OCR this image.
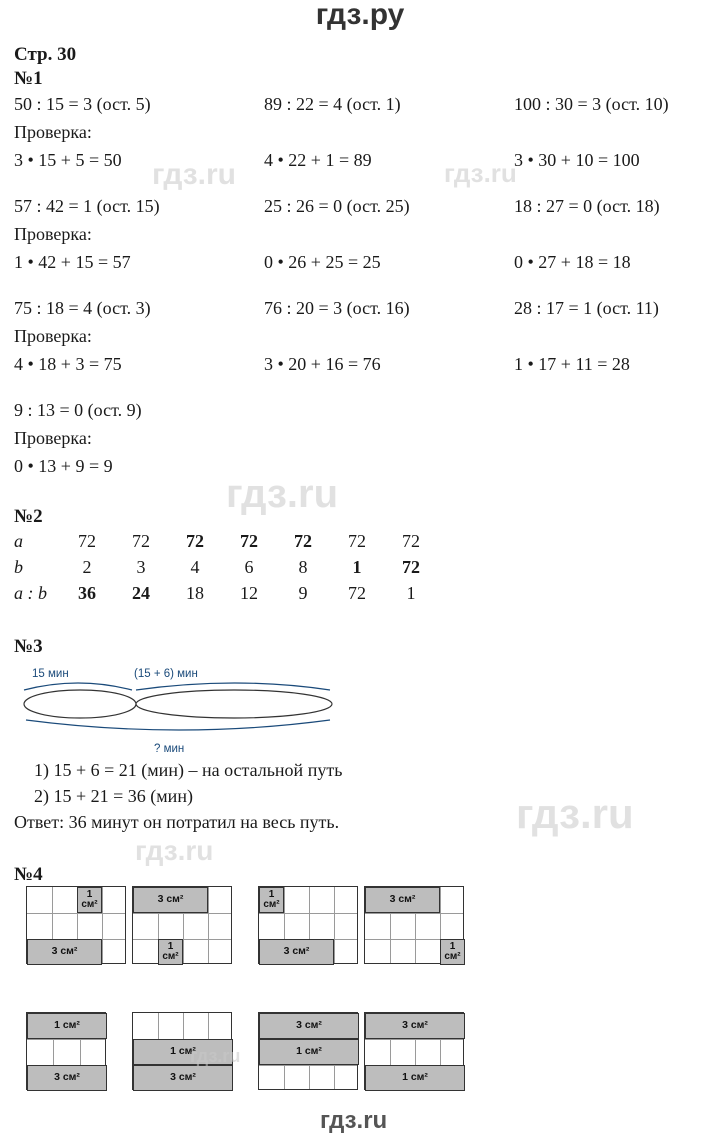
гдз.ру
Стр. 30
№1
50 : 15 = 3 (ост. 5)
Проверка:
3 • 15 + 5 = 50
89 : 22 = 4 (ост. 1)
4 • 22 + 1 = 89
100 : 30 = 3 (ост. 10)
3 • 30 + 10 = 100
57 : 42 = 1 (ост. 15)
Проверка:
1 • 42 + 15 = 57
25 : 26 = 0 (ост. 25)
0 • 26 + 25 = 25
18 : 27 = 0 (ост. 18)
0 • 27 + 18 = 18
75 : 18 = 4 (ост. 3)
Проверка:
4 • 18 + 3 = 75
76 : 20 = 3 (ост. 16)
3 • 20 + 16 = 76
28 : 17 = 1 (ост. 11)
1 • 17 + 11 = 28
9 : 13 = 0 (ост. 9)
Проверка:
0 • 13 + 9 = 9
№2
a	72	72	72	72	72	72	72
b	2	3	4	6	8	1	72
a : b	36	24	18	12	9	72	1
№3
15 мин	(15 + 6) мин
? мин
1) 15 + 6 = 21 (мин) – на остальной путь
2) 15 + 21 = 36 (мин)
Ответ: 36 минут он потратил на весь путь.
№4
1 см²
3 см²
3 см²
1 см²
1 см²
3 см²
3 см²
1 см²
1 см²
3 см²
1 см²
3 см²
3 см²
1 см²
3 см²
1 см²
гдз.ru	гдз.ru
гдз.ru
гдз.ru
гдз.ru
гдз.ru
гдз.ru
